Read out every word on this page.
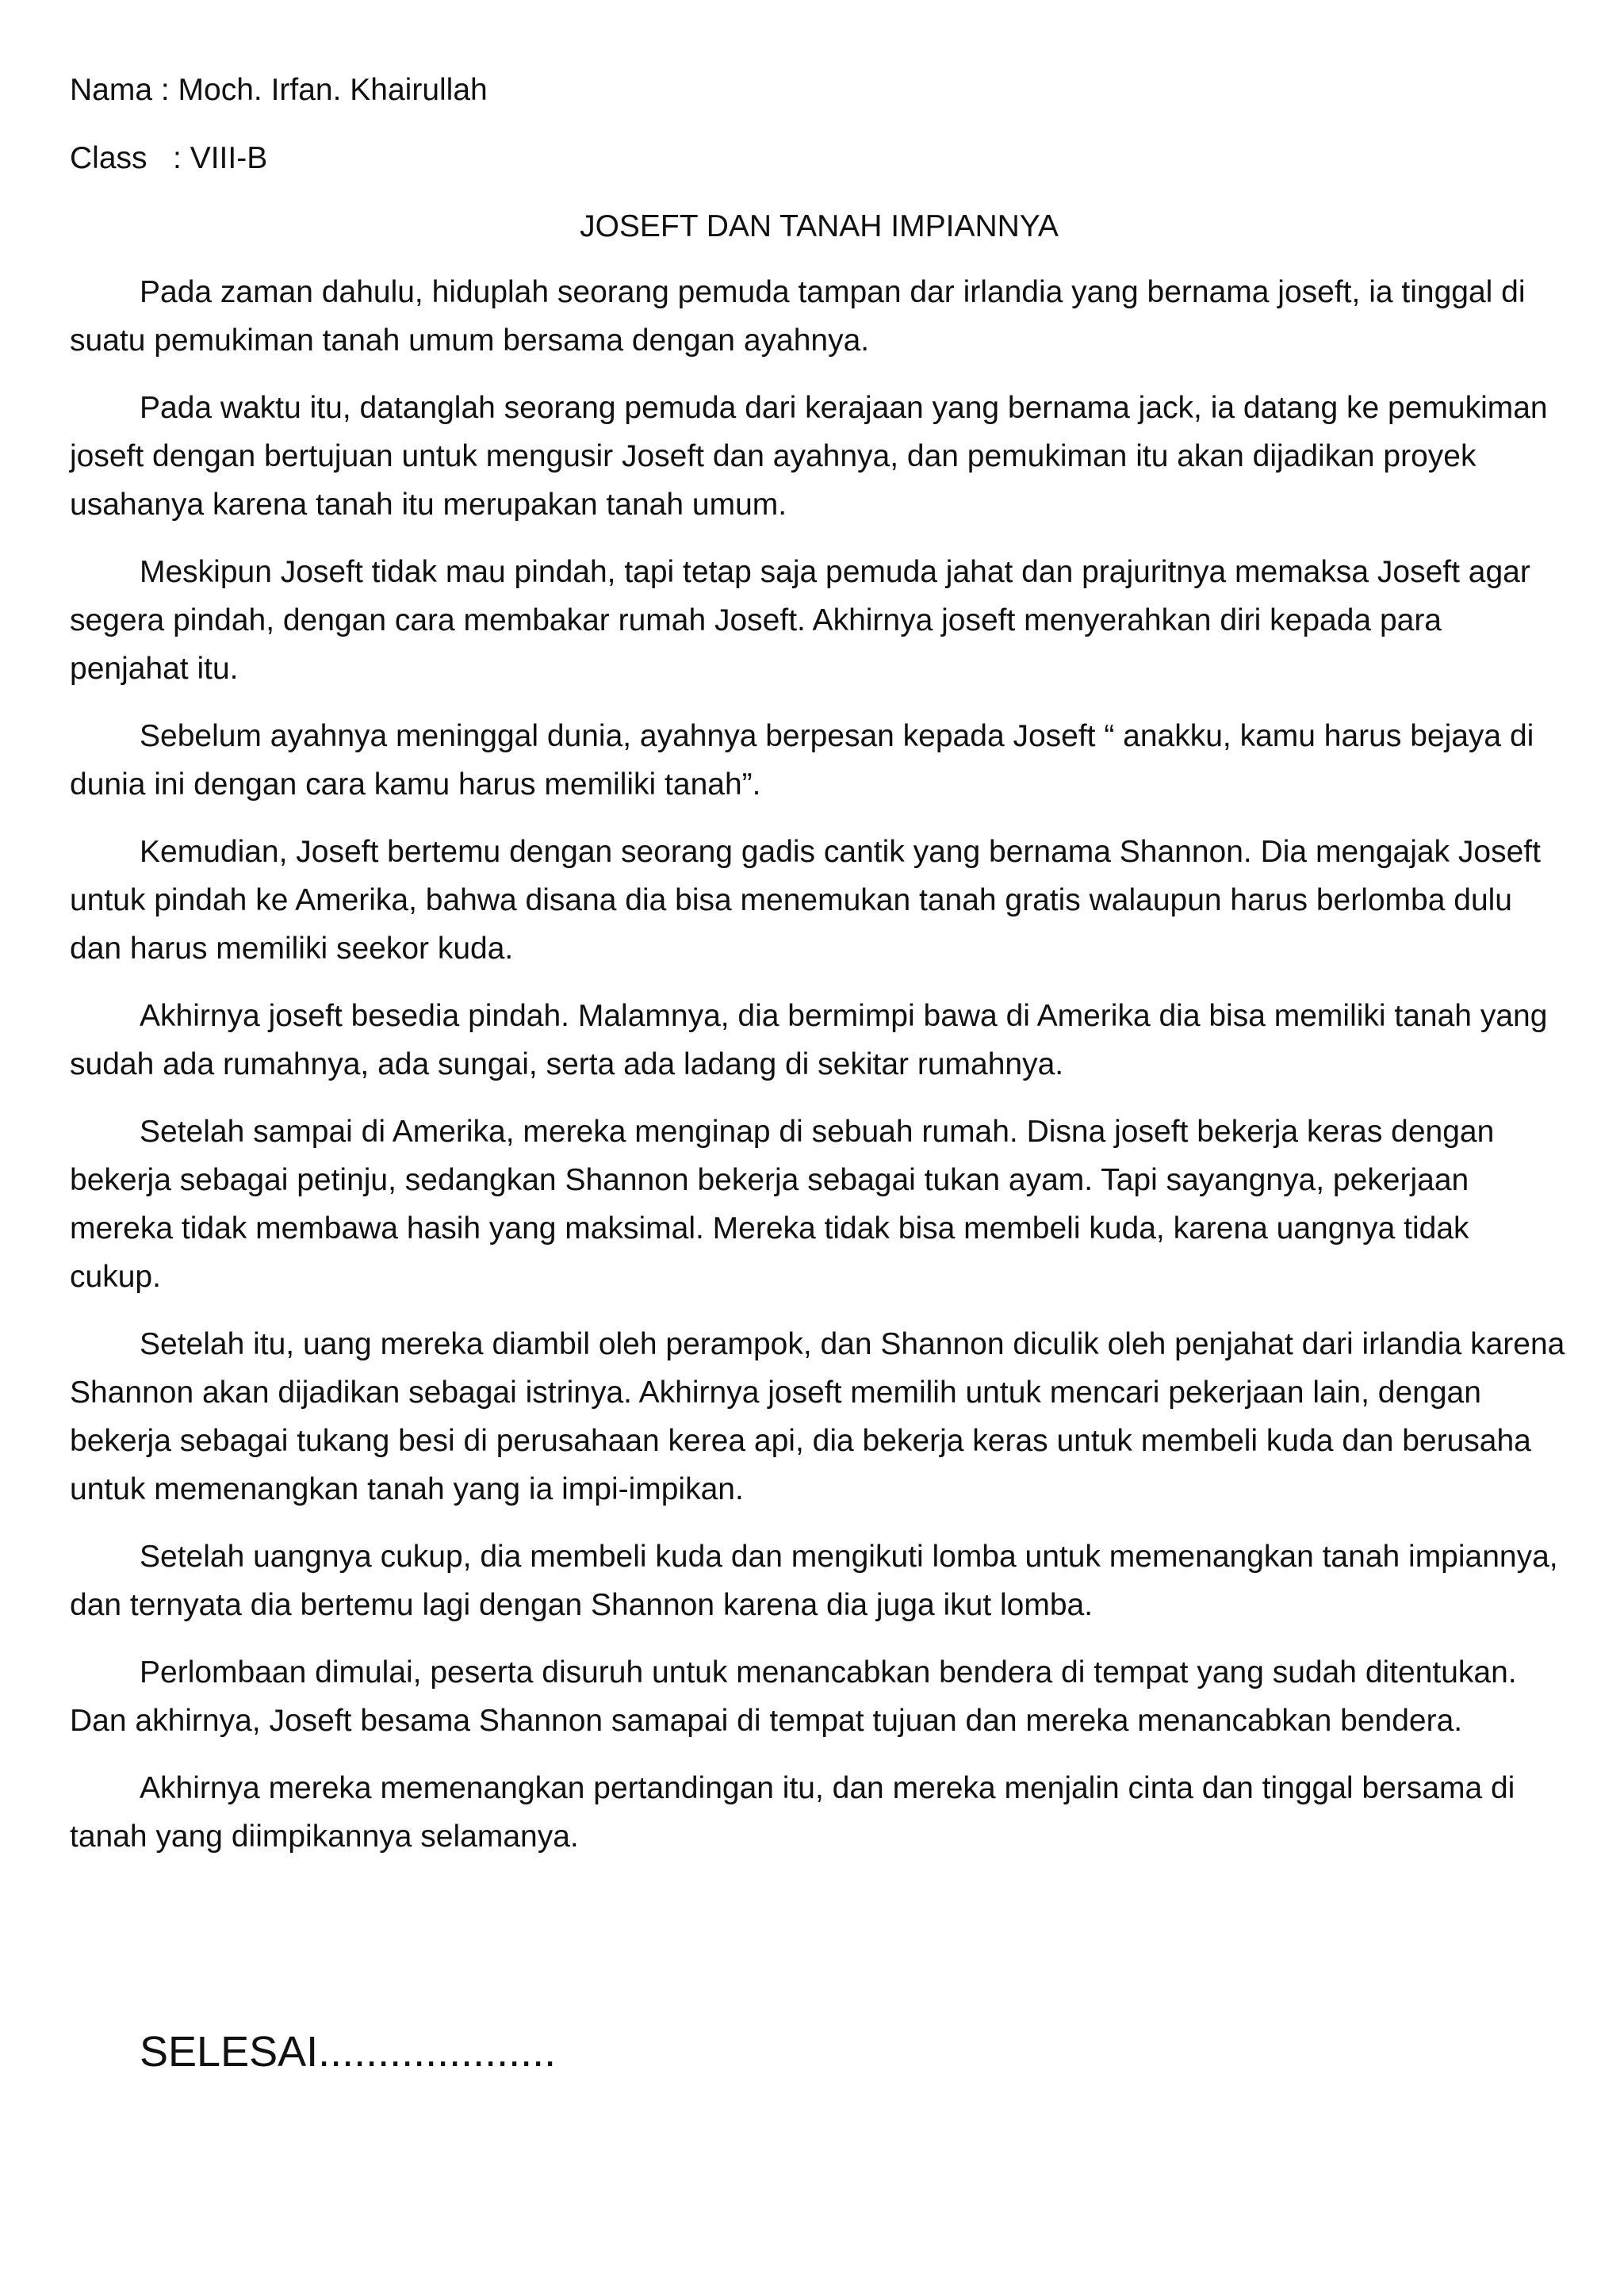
Nama : Moch. Irfan. Khairullah

Class   : VIII-B

JOSEFT DAN TANAH IMPIANNYA

Pada zaman dahulu, hiduplah seorang pemuda tampan dar irlandia yang bernama joseft, ia tinggal di suatu pemukiman tanah umum bersama dengan ayahnya.

Pada waktu itu, datanglah seorang pemuda dari kerajaan yang bernama jack, ia datang ke pemukiman joseft dengan bertujuan untuk mengusir Joseft dan ayahnya, dan pemukiman itu akan dijadikan proyek usahanya karena tanah itu merupakan tanah umum.

Meskipun Joseft tidak mau pindah, tapi tetap saja pemuda jahat dan prajuritnya memaksa Joseft agar segera pindah, dengan cara membakar rumah Joseft. Akhirnya joseft menyerahkan diri kepada para penjahat itu.

Sebelum ayahnya meninggal dunia, ayahnya berpesan kepada Joseft “ anakku, kamu harus bejaya di dunia ini dengan cara kamu harus memiliki tanah”.

Kemudian, Joseft bertemu dengan seorang gadis cantik yang bernama Shannon. Dia mengajak Joseft untuk pindah ke Amerika, bahwa disana dia bisa menemukan tanah gratis walaupun harus berlomba dulu dan harus memiliki seekor kuda.

Akhirnya joseft besedia pindah. Malamnya, dia bermimpi bawa di Amerika dia bisa memiliki tanah yang sudah ada rumahnya, ada sungai, serta ada ladang di sekitar rumahnya.

Setelah sampai di Amerika, mereka menginap di sebuah rumah. Disna joseft bekerja keras dengan bekerja sebagai petinju, sedangkan Shannon bekerja sebagai tukan ayam. Tapi sayangnya, pekerjaan mereka tidak membawa hasih yang maksimal. Mereka tidak bisa membeli kuda, karena uangnya tidak cukup.

Setelah itu, uang mereka diambil oleh perampok, dan Shannon diculik oleh penjahat dari irlandia karena Shannon akan dijadikan sebagai istrinya. Akhirnya joseft memilih untuk mencari pekerjaan lain, dengan bekerja sebagai tukang besi di perusahaan kerea api, dia bekerja keras untuk membeli kuda dan berusaha untuk memenangkan tanah yang ia impi-impikan.

Setelah uangnya cukup, dia membeli kuda dan mengikuti lomba untuk memenangkan tanah impiannya, dan ternyata dia bertemu lagi dengan Shannon karena dia juga ikut lomba.

Perlombaan dimulai, peserta disuruh untuk menancabkan bendera di tempat yang sudah ditentukan. Dan akhirnya, Joseft besama Shannon samapai di tempat tujuan dan mereka menancabkan bendera.

Akhirnya mereka memenangkan pertandingan itu, dan mereka menjalin cinta dan tinggal bersama di tanah yang diimpikannya selamanya.

SELESAI....................
